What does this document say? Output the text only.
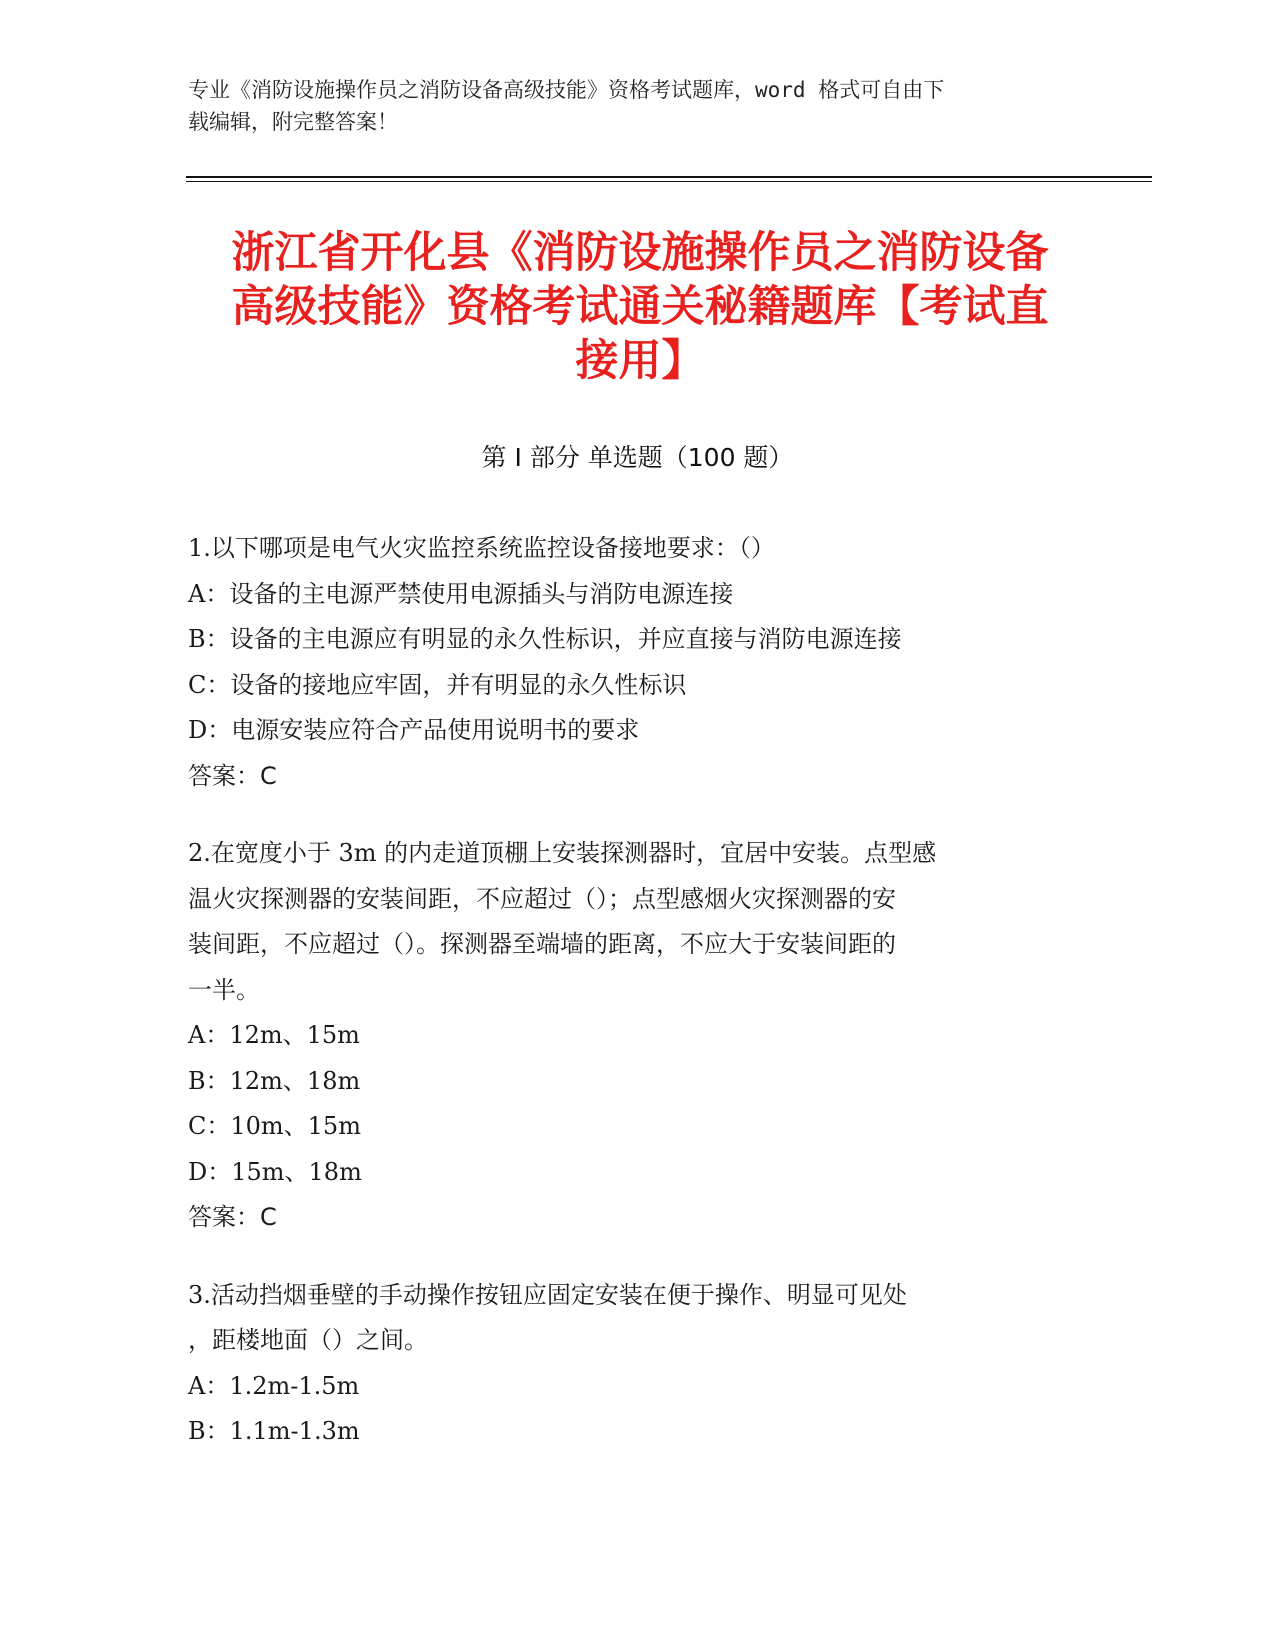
专业《消防设施操作员之消防设备高级技能》资格考试题库，word 格式可自由下
载编辑，附完整答案！
浙江省开化县《消防设施操作员之消防设备
高级技能》资格考试通关秘籍题库【考试直
接用】
第 I 部分 单选题（100 题）
1.以下哪项是电气火灾监控系统监控设备接地要求：（）
A：设备的主电源严禁使用电源插头与消防电源连接
B：设备的主电源应有明显的永久性标识，并应直接与消防电源连接
C：设备的接地应牢固，并有明显的永久性标识
D：电源安装应符合产品使用说明书的要求
答案：C
2.在宽度小于 3m 的内走道顶棚上安装探测器时，宜居中安装。点型感
温火灾探测器的安装间距，不应超过（）；点型感烟火灾探测器的安
装间距，不应超过（）。探测器至端墙的距离，不应大于安装间距的
一半。
A：12m、15m
B：12m、18m
C：10m、15m
D：15m、18m
答案：C
3.活动挡烟垂壁的手动操作按钮应固定安装在便于操作、明显可见处
，距楼地面（）之间。
A：1.2m-1.5m
B：1.1m-1.3m
